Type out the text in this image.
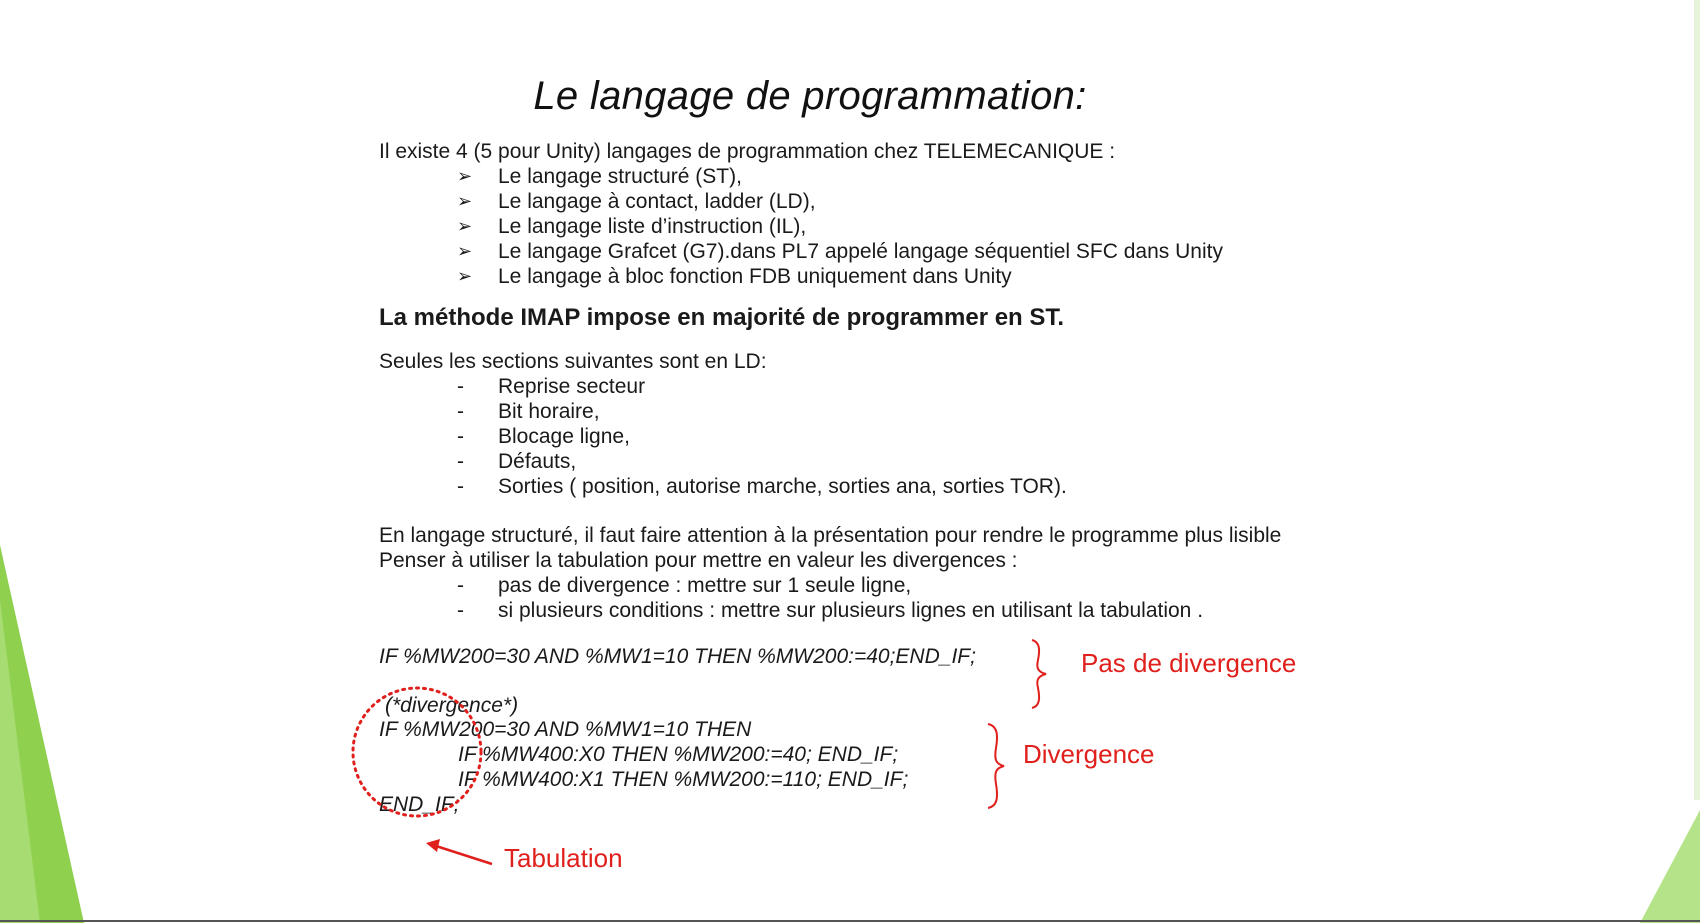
Le langage de programmation:
Il existe 4 (5 pour Unity) langages de programmation chez TELEMECANIQUE :
➢ Le langage structuré (ST),
➢ Le langage à contact, ladder (LD),
➢ Le langage liste d’instruction (IL),
➢ Le langage Grafcet (G7).dans PL7 appelé langage séquentiel SFC dans Unity
➢ Le langage à bloc fonction FDB uniquement dans Unity
La méthode IMAP impose en majorité de programmer en ST.
Seules les sections suivantes sont en LD:
- Reprise secteur
- Bit horaire,
- Blocage ligne,
- Défauts,
- Sorties ( position, autorise marche, sorties ana, sorties TOR).
En langage structuré, il faut faire attention à la présentation pour rendre le programme plus lisible
Penser à utiliser la tabulation pour mettre en valeur les divergences :
- pas de divergence : mettre sur 1 seule ligne,
- si plusieurs conditions : mettre sur plusieurs lignes en utilisant la tabulation .
IF %MW200=30 AND %MW1=10 THEN %MW200:=40;END_IF;
(*divergence*)
IF %MW200=30 AND %MW1=10 THEN
IF %MW400:X0 THEN %MW200:=40; END_IF;
IF %MW400:X1 THEN %MW200:=110; END_IF;
END_IF;
Pas de divergence
Divergence
Tabulation
